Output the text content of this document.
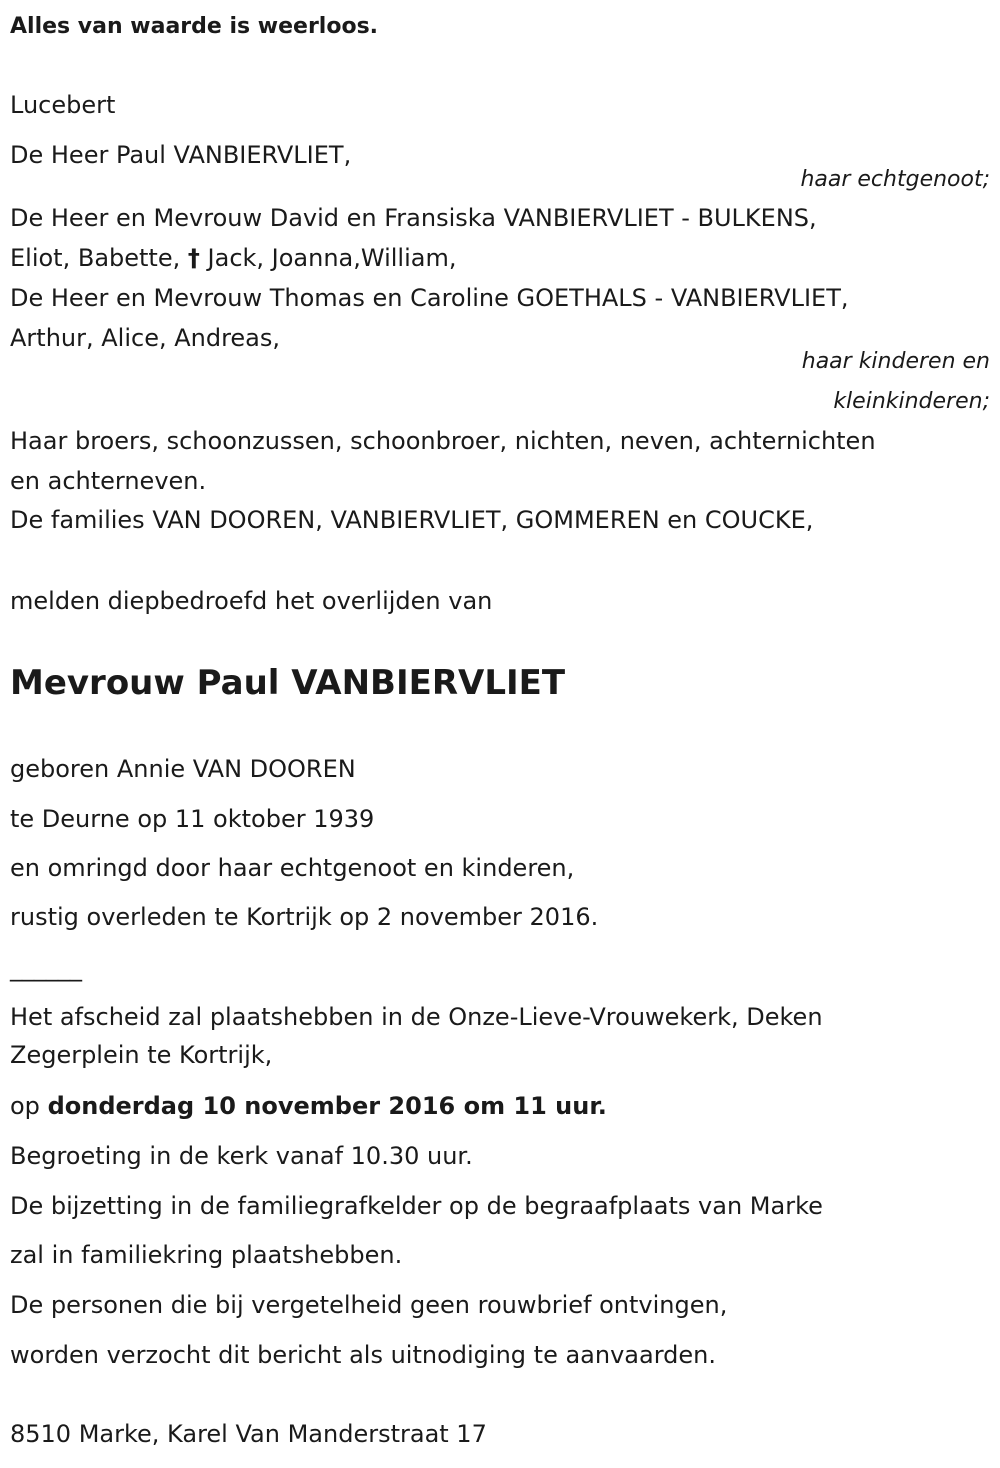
Alles van waarde is weerloos.
Lucebert
De Heer Paul VANBIERVLIET,
haar echtgenoot;
De Heer en Mevrouw David en Fransiska VANBIERVLIET - BULKENS,
Eliot, Babette, † Jack, Joanna,William,
De Heer en Mevrouw Thomas en Caroline GOETHALS - VANBIERVLIET,
Arthur, Alice, Andreas,
haar kinderen en
kleinkinderen;
Haar broers, schoonzussen, schoonbroer, nichten, neven, achternichten
en achterneven.
De families VAN DOOREN, VANBIERVLIET, GOMMEREN en COUCKE,
melden diepbedroefd het overlijden van
Mevrouw Paul VANBIERVLIET
geboren Annie VAN DOOREN
te Deurne op 11 oktober 1939
en omringd door haar echtgenoot en kinderen,
rustig overleden te Kortrijk op 2 november 2016.
______
Het afscheid zal plaatshebben in de Onze-Lieve-Vrouwekerk, Deken
Zegerplein te Kortrijk,
op donderdag 10 november 2016 om 11 uur.
Begroeting in de kerk vanaf 10.30 uur.
De bijzetting in de familiegrafkelder op de begraafplaats van Marke
zal in familiekring plaatshebben.
De personen die bij vergetelheid geen rouwbrief ontvingen,
worden verzocht dit bericht als uitnodiging te aanvaarden.
8510 Marke, Karel Van Manderstraat 17
